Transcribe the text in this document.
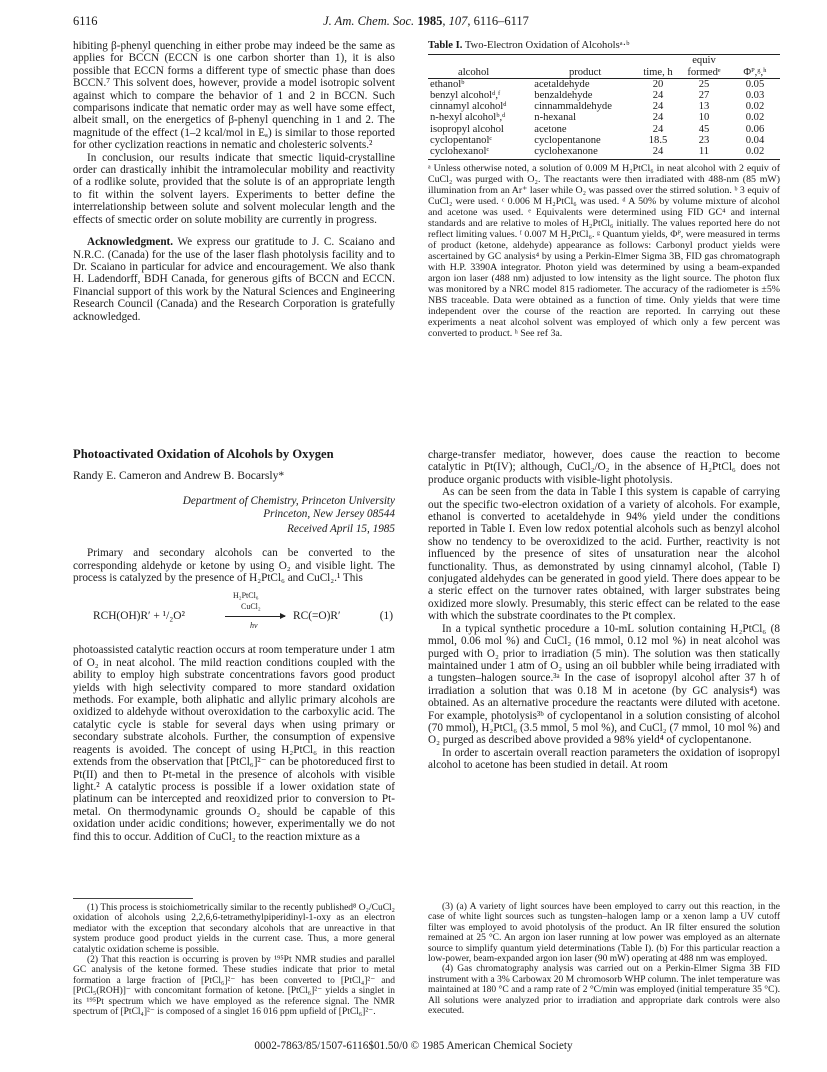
6116	J. Am. Chem. Soc. 1985, 107, 6116–6117

hibiting β-phenyl quenching in either probe may indeed be the same as applies for BCCN (ECCN is one carbon shorter than 1), it is also possible that ECCN forms a different type of smectic phase than does BCCN.⁷ This solvent does, however, provide a model isotropic solvent against which to compare the behavior of 1 and 2 in BCCN. Such comparisons indicate that nematic order may as well have some effect, albeit small, on the energetics of β-phenyl quenching in 1 and 2. The magnitude of the effect (1–2 kcal/mol in Eₐ) is similar to those reported for other cyclization reactions in nematic and cholesteric solvents.²

In conclusion, our results indicate that smectic liquid-crystalline order can drastically inhibit the intramolecular mobility and reactivity of a rodlike solute, provided that the solute is of an appropriate length to fit within the solvent layers. Experiments to better define the interrelationship between solute and solvent molecular length and the effects of smectic order on solute mobility are currently in progress.

Acknowledgment. We express our gratitude to J. C. Scaiano and N.R.C. (Canada) for the use of the laser flash photolysis facility and to Dr. Scaiano in particular for advice and encouragement. We also thank H. Ladendorff, BDH Canada, for generous gifts of BCCN and ECCN. Financial support of this work by the Natural Sciences and Engineering Research Council (Canada) and the Research Corporation is gratefully acknowledged.

Table I. Two-Electron Oxidation of Alcoholsᵃ·ᵇ
alcohol	product	time, h	equiv formedᵉ	Φᴾ,ᵍ,ʰ
ethanolᵇ	acetaldehyde	20	25	0.05
benzyl alcoholᵈ,ᶠ	benzaldehyde	24	27	0.03
cinnamyl alcoholᵈ	cinnammaldehyde	24	13	0.02
n-hexyl alcoholᵇ,ᵈ	n-hexanal	24	10	0.02
isopropyl alcohol	acetone	24	45	0.06
cyclopentanolᶜ	cyclopentanone	18.5	23	0.04
cyclohexanolᶜ	cyclohexanone	24	11	0.02
ᵃ Unless otherwise noted, a solution of 0.009 M H₂PtCl₆ in neat alcohol with 2 equiv of CuCl₂ was purged with O₂. The reactants were then irradiated with 488-nm (85 mW) illumination from an Ar⁺ laser while O₂ was passed over the stirred solution. ᵇ 3 equiv of CuCl₂ were used. ᶜ 0.006 M H₂PtCl₆ was used. ᵈ A 50% by volume mixture of alcohol and acetone was used. ᵉ Equivalents were determined using FID GC⁴ and internal standards and are relative to moles of H₂PtCl₆ initially. The values reported here do not reflect limiting values. ᶠ 0.007 M H₂PtCl₆. ᵍ Quantum yields, Φᴾ, were measured in terms of product (ketone, aldehyde) appearance as follows: Carbonyl product yields were ascertained by GC analysis⁴ by using a Perkin-Elmer Sigma 3B, FID gas chromatograph with H.P. 3390A integrator. Photon yield was determined by using a beam-expanded argon ion laser (488 nm) adjusted to low intensity as the light source. The photon flux was monitored by a NRC model 815 radiometer. The accuracy of the radiometer is ±5% NBS traceable. Data were obtained as a function of time. Only yields that were time independent over the course of the reaction are reported. In carrying out these experiments a neat alcohol solvent was employed of which only a few percent was converted to product. ʰ See ref 3a.
Photoactivated Oxidation of Alcohols by Oxygen
Randy E. Cameron and Andrew B. Bocarsly*
Department of Chemistry, Princeton University
Princeton, New Jersey 08544
Received April 15, 1985

Primary and secondary alcohols can be converted to the corresponding aldehyde or ketone by using O₂ and visible light. The process is catalyzed by the presence of H₂PtCl₆ and CuCl₂.¹ This

RCH(OH)R′ + ¹/₂O²
H₂PtCl₆
CuCl₂
hν
RC(=O)R′	(1)

photoassisted catalytic reaction occurs at room temperature under 1 atm of O₂ in neat alcohol. The mild reaction conditions coupled with the ability to employ high substrate concentrations favors good product yields with high selectivity compared to more standard oxidation methods. For example, both aliphatic and allylic primary alcohols are oxidized to aldehyde without overoxidation to the carboxylic acid. The catalytic cycle is stable for several days when using primary or secondary substrate alcohols. Further, the consumption of expensive reagents is avoided. The concept of using H₂PtCl₆ in this reaction extends from the observation that [PtCl₆]²⁻ can be photoreduced first to Pt(II) and then to Pt-metal in the presence of alcohols with visible light.² A catalytic process is possible if a lower oxidation state of platinum can be intercepted and reoxidized prior to conversion to Pt-metal. On thermodynamic grounds O₂ should be capable of this oxidation under acidic conditions; however, experimentally we do not find this to occur. Addition of CuCl₂ to the reaction mixture as a

charge-transfer mediator, however, does cause the reaction to become catalytic in Pt(IV); although, CuCl₂/O₂ in the absence of H₂PtCl₆ does not produce organic products with visible-light photolysis.

As can be seen from the data in Table I this system is capable of carrying out the specific two-electron oxidation of a variety of alcohols. For example, ethanol is converted to acetaldehyde in 94% yield under the conditions reported in Table I. Even low redox potential alcohols such as benzyl alcohol show no tendency to be overoxidized to the acid. Further, reactivity is not influenced by the presence of sites of unsaturation near the alcohol functionality. Thus, as demonstrated by using cinnamyl alcohol, (Table I) conjugated aldehydes can be generated in good yield. There does appear to be a steric effect on the turnover rates obtained, with larger substrates being oxidized more slowly. Presumably, this steric effect can be related to the ease with which the substrate coordinates to the Pt complex.

In a typical synthetic procedure a 10-mL solution containing H₂PtCl₆ (8 mmol, 0.06 mol %) and CuCl₂ (16 mmol, 0.12 mol %) in neat alcohol was purged with O₂ prior to irradiation (5 min). The solution was then statically maintained under 1 atm of O₂ using an oil bubbler while being irradiated with a tungsten–halogen source.³ᵃ In the case of isopropyl alcohol after 37 h of irradiation a solution that was 0.18 M in acetone (by GC analysis⁴) was obtained. As an alternative procedure the reactants were diluted with acetone. For example, photolysis³ᵇ of cyclopentanol in a solution consisting of alcohol (70 mmol), H₂PtCl₆ (3.5 mmol, 5 mol %), and CuCl₂ (7 mmol, 10 mol %) and O₂ purged as described above provided a 98% yield⁴ of cyclopentanone.

In order to ascertain overall reaction parameters the oxidation of isopropyl alcohol to acetone has been studied in detail. At room

(1) This process is stoichiometrically similar to the recently published⁸ O₂/CuCl₂ oxidation of alcohols using 2,2,6,6-tetramethylpiperidinyl-1-oxy as an electron mediator with the exception that secondary alcohols that are unreactive in that system produce good product yields in the current case. Thus, a more general catalytic oxidation scheme is possible.

(2) That this reaction is occurring is proven by ¹⁹⁵Pt NMR studies and parallel GC analysis of the ketone formed. These studies indicate that prior to metal formation a large fraction of [PtCl₆]²⁻ has been converted to [PtCl₄]²⁻ and [PtCl₅(ROH)]⁻ with concomitant formation of ketone. [PtCl₆]²⁻ yields a singlet in its ¹⁹⁵Pt spectrum which we have employed as the reference signal. The NMR spectrum of [PtCl₄]²⁻ is composed of a singlet 16 016 ppm upfield of [PtCl₆]²⁻.

(3) (a) A variety of light sources have been employed to carry out this reaction, in the case of white light sources such as tungsten–halogen lamp or a xenon lamp a UV cutoff filter was employed to avoid photolysis of the product. An IR filter ensured the solution remained at 25 °C. An argon ion laser running at low power was employed as an alternate source to simplify quantum yield determinations (Table I). (b) For this particular reaction a low-power, beam-expanded argon ion laser (90 mW) operating at 488 nm was employed.

(4) Gas chromatography analysis was carried out on a Perkin-Elmer Sigma 3B FID instrument with a 3% Carbowax 20 M chromosorb WHP column. The inlet temperature was maintained at 180 °C and a ramp rate of 2 °C/min was employed (initial temperature 35 °C). All solutions were analyzed prior to irradiation and appropriate dark controls were also executed.

0002-7863/85/1507-6116$01.50/0 © 1985 American Chemical Society
